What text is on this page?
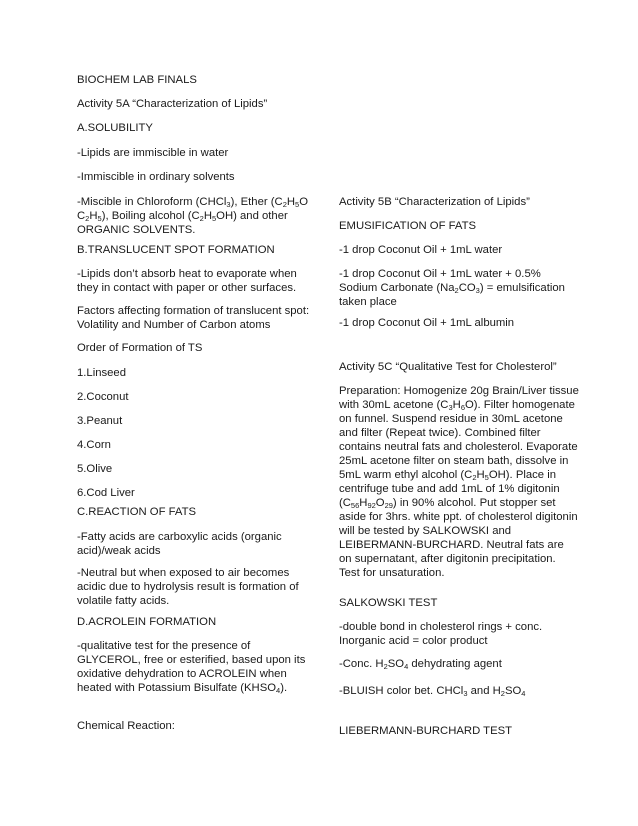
BIOCHEM LAB FINALS

Activity 5A “Characterization of Lipids”

A.SOLUBILITY

-Lipids are immiscible in water

-Immiscible in ordinary solvents

-Miscible in Chloroform (CHCl$_3$), Ether ($C_2H_5O$ $C_2H_5$), Boiling alcohol $(C_2H_5OH)$ and other ORGANIC SOLVENTS.

B.TRANSLUCENT SPOT FORMATION

-Lipids don’t absorb heat to evaporate when they in contact with paper or other surfaces.

Factors affecting formation of translucent spot: Volatility and Number of Carbon atoms

Order of Formation of TS

1.Linseed

2.Coconut

3.Peanut

4.Corn

5.Olive

6.Cod Liver

C.REACTION OF FATS

-Fatty acids are carboxylic acids (organic acid)/weak acids

-Neutral but when exposed to air becomes acidic due to hydrolysis result is formation of volatile fatty acids.

D.ACROLEIN FORMATION

-qualitative test for the presence of GLYCEROL, free or esterified, based upon its oxidative dehydration to ACROLEIN when heated with Potassium Bisulfate $(KHSO_4)$.

Chemical Reaction:

Activity 5B “Characterization of Lipids”

EMUSIFICATION OF FATS

-1 drop Coconut Oil + 1mL water

-1 drop Coconut Oil + 1mL water + 0.5% Sodium Carbonate $(Na_2CO_3)$ = emulsification taken place

-1 drop Coconut Oil + 1mL albumin

Activity 5C “Qualitative Test for Cholesterol”

Preparation: Homogenize 20g Brain/Liver tissue with 30mL acetone $(C_3H_6O)$. Filter homogenate on funnel. Suspend residue in 30mL acetone and filter (Repeat twice). Combined filter contains neutral fats and cholesterol. Evaporate 25mL acetone filter on steam bath, dissolve in 5mL warm ethyl alcohol $(C_2H_5OH)$. Place in centrifuge tube and add 1mL of 1% digitonin $(C_{56}H_{92}O_{29})$ in 90% alcohol. Put stopper set aside for 3hrs. white ppt. of cholesterol digitonin will be tested by SALKOWSKI and LEIBERMANN-BURCHARD. Neutral fats are on supernatant, after digitonin precipitation. Test for unsaturation.

SALKOWSKI TEST

-double bond in cholesterol rings + conc. Inorganic acid = color product

-Conc. $H_2SO_4$ dehydrating agent

-BLUISH color bet. CHCl$_3$ and $H_2SO_4$

LIEBERMANN-BURCHARD TEST
